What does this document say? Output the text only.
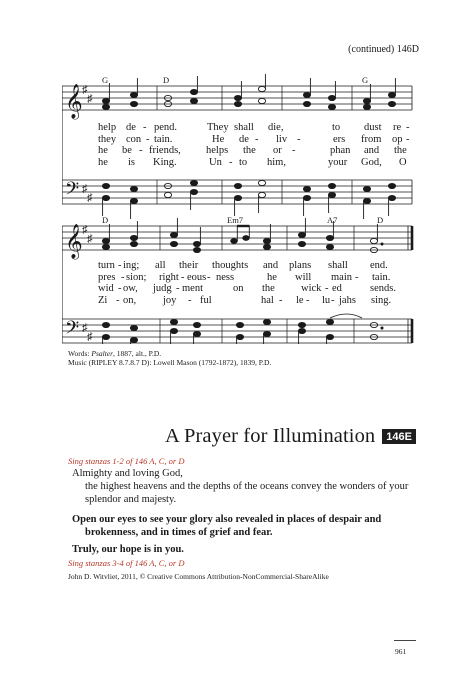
(continued) 146D
𝄞
𝄢
♯
♯
♯
♯
𝄞
𝄢
♯
♯
♯
♯
G	D	G
D	Em7	A7	D
help de - pend.	They shall die,	to dust re -
they con - tain.	He de - liv -	ers from op -
he be - friends, helps the or -	phan and the
he is King.	Un - to him,	your God, O
turn - ing; all their thoughts and plans shall end.
pres - sion; right - eous - ness	he will main - tain.
wid - ow, judg - ment	on the wick - ed	sends.
Zi - on,	joy - ful	hal - le - lu - jahs sing.
Words: Psalter, 1887, alt., P.D.
Music (RIPLEY 8.7.8.7 D): Lowell Mason (1792-1872), 1839, P.D.
A Prayer for Illumination	146E
Sing stanzas 1-2 of 146 A, C, or D

Almighty and loving God,

the highest heavens and the depths of the oceans convey the wonders of your

splendor and majesty.

Open our eyes to see your glory also revealed in places of despair and
brokenness, and in times of grief and fear.
Truly, our hope is in you.
Sing stanzas 3-4 of 146 A, C, or D
John D. Witvliet, 2011, © Creative Commons Attribution-NonCommercial-ShareAlike
961
